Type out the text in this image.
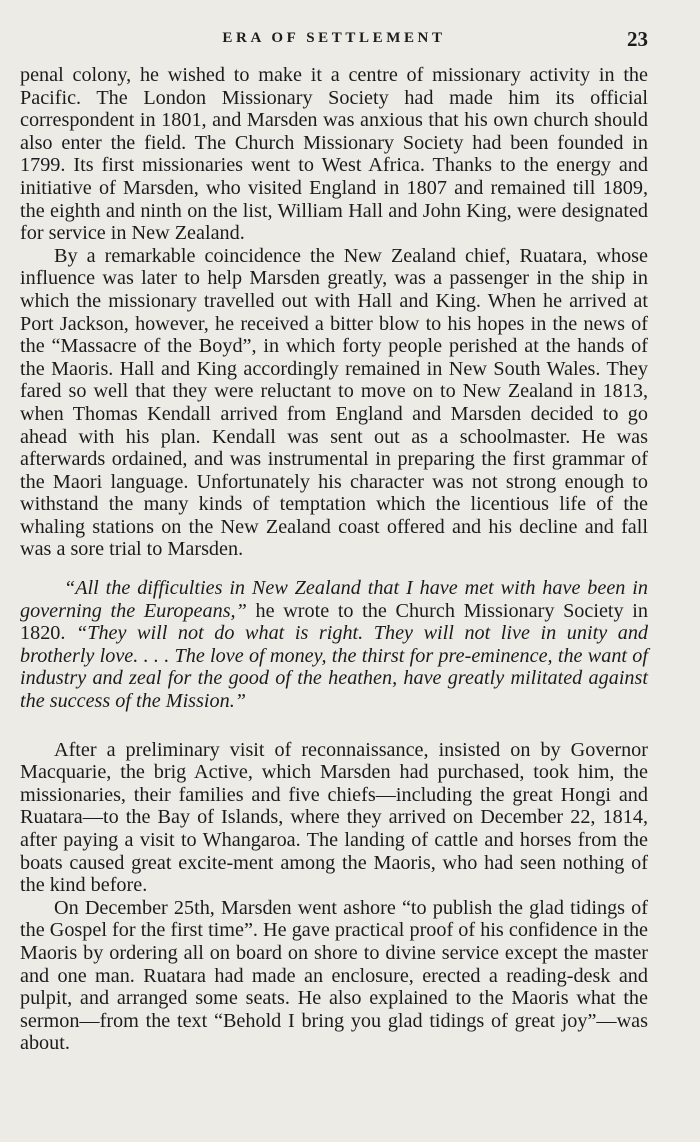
ERA OF SETTLEMENT	23

penal colony, he wished to make it a centre of missionary activity in the Pacific. The London Missionary Society had made him its official correspondent in 1801, and Marsden was anxious that his own church should also enter the field. The Church Missionary Society had been founded in 1799. Its first missionaries went to West Africa. Thanks to the energy and initiative of Marsden, who visited England in 1807 and remained till 1809, the eighth and ninth on the list, William Hall and John King, were designated for service in New Zealand.

By a remarkable coincidence the New Zealand chief, Ruatara, whose influence was later to help Marsden greatly, was a passenger in the ship in which the missionary travelled out with Hall and King. When he arrived at Port Jackson, however, he received a bitter blow to his hopes in the news of the “Massacre of the Boyd”, in which forty people perished at the hands of the Maoris. Hall and King accordingly remained in New South Wales. They fared so well that they were reluctant to move on to New Zealand in 1813, when Thomas Kendall arrived from England and Marsden decided to go ahead with his plan. Kendall was sent out as a schoolmaster. He was afterwards ordained, and was instrumental in preparing the first grammar of the Maori language. Unfortunately his character was not strong enough to withstand the many kinds of temptation which the licentious life of the whaling stations on the New Zealand coast offered and his decline and fall was a sore trial to Marsden.

“All the difficulties in New Zealand that I have met with have been in governing the Europeans,” he wrote to the Church Missionary Society in 1820. “They will not do what is right. They will not live in unity and brotherly love. . . . The love of money, the thirst for pre-eminence, the want of industry and zeal for the good of the heathen, have greatly militated against the success of the Mission.”

After a preliminary visit of reconnaissance, insisted on by Governor Macquarie, the brig Active, which Marsden had purchased, took him, the missionaries, their families and five chiefs—including the great Hongi and Ruatara—to the Bay of Islands, where they arrived on December 22, 1814, after paying a visit to Whangaroa. The landing of cattle and horses from the boats caused great excite-ment among the Maoris, who had seen nothing of the kind before.

On December 25th, Marsden went ashore “to publish the glad tidings of the Gospel for the first time”. He gave practical proof of his confidence in the Maoris by ordering all on board on shore to divine service except the master and one man. Ruatara had made an enclosure, erected a reading-desk and pulpit, and arranged some seats. He also explained to the Maoris what the sermon—from the text “Behold I bring you glad tidings of great joy”—was about.
